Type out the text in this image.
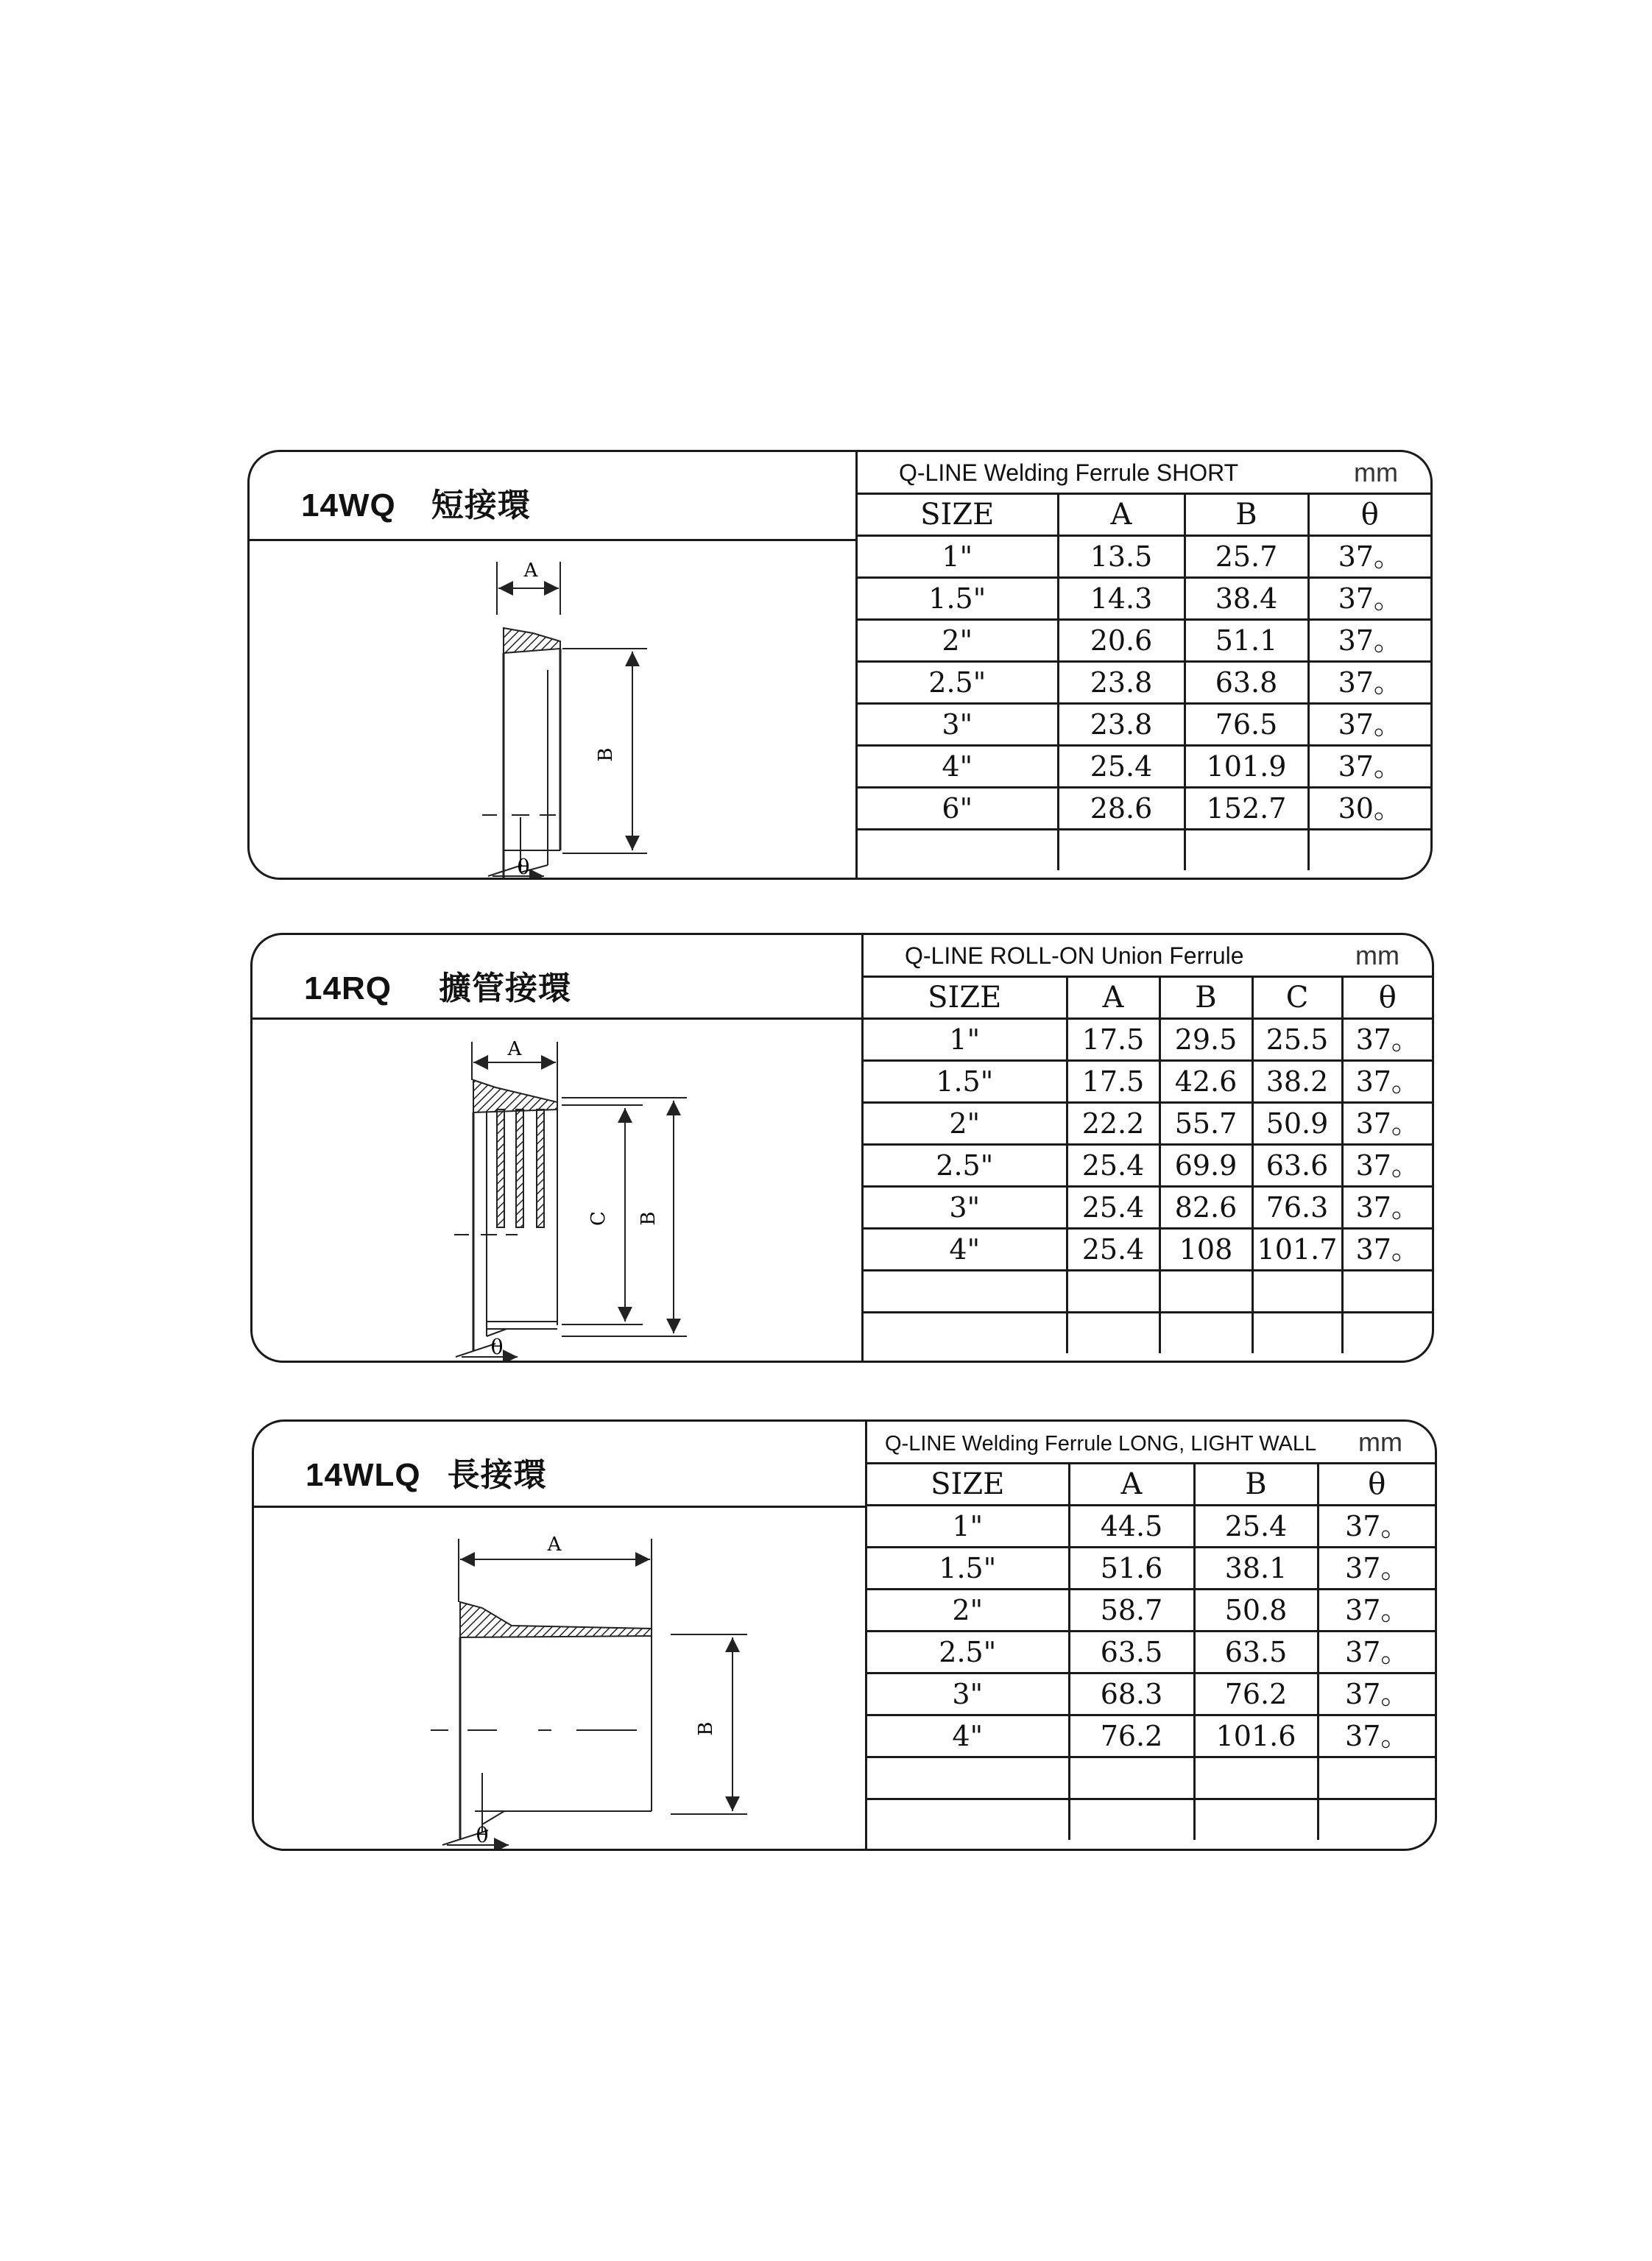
14WQ 短接環
A
B
θ
Q-LINE Welding Ferrule SHORT	mm
SIZE	A	B	θ
1"	13.5	25.7	37。
1.5"	14.3	38.4	37。
2"	20.6	51.1	37。
2.5"	23.8	63.8	37。
3"	23.8	76.5	37。
4"	25.4	101.9	37。
6"	28.6	152.7	30。

14RQ 擴管接環
A
C B
θ
Q-LINE ROLL-ON Union Ferrule	mm
SIZE	A	B	C	θ
1"	17.5	29.5	25.5	37。
1.5"	17.5	42.6	38.2	37。
2"	22.2	55.7	50.9	37。
2.5"	25.4	69.9	63.6	37。
3"	25.4	82.6	76.3	37。
4"	25.4	108	101.7	37。

14WLQ 長接環
A
B
θ
Q-LINE Welding Ferrule LONG, LIGHT WALL mm
SIZE	A	B	θ
1"	44.5	25.4	37。
1.5"	51.6	38.1	37。
2"	58.7	50.8	37。
2.5"	63.5	63.5	37。
3"	68.3	76.2	37。
4"	76.2	101.6	37。
